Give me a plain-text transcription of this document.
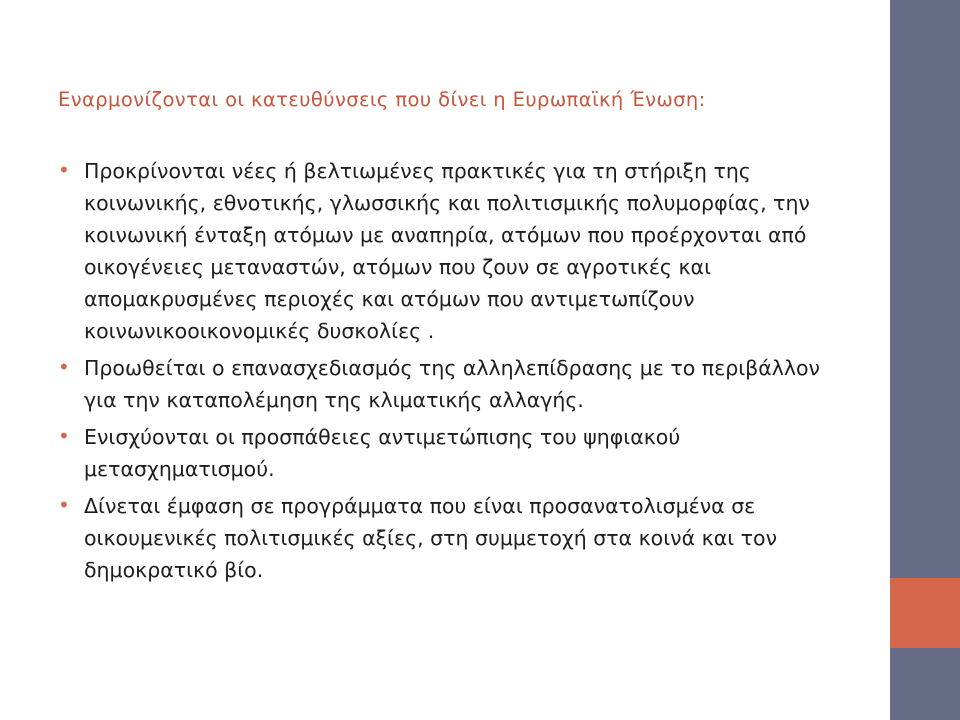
Εναρμονίζονται οι κατευθύνσεις που δίνει η Ευρωπαϊκή Ένωση:
• Προκρίνονται νέες ή βελτιωμένες πρακτικές για τη στήριξη της κοινωνικής, εθνοτικής, γλωσσικής και πολιτισμικής πολυμορφίας, την κοινωνική ένταξη ατόμων με αναπηρία, ατόμων που προέρχονται από οικογένειες μεταναστών, ατόμων που ζουν σε αγροτικές και απομακρυσμένες περιοχές και ατόμων που αντιμετωπίζουν κοινωνικοοικονομικές δυσκολίες .
• Προωθείται ο επανασχεδιασμός της αλληλεπίδρασης με το περιβάλλον για την καταπολέμηση της κλιματικής αλλαγής.
• Ενισχύονται οι προσπάθειες αντιμετώπισης του ψηφιακού μετασχηματισμού.
• Δίνεται έμφαση σε προγράμματα που είναι προσανατολισμένα σε οικουμενικές πολιτισμικές αξίες, στη συμμετοχή στα κοινά και τον δημοκρατικό βίο.
